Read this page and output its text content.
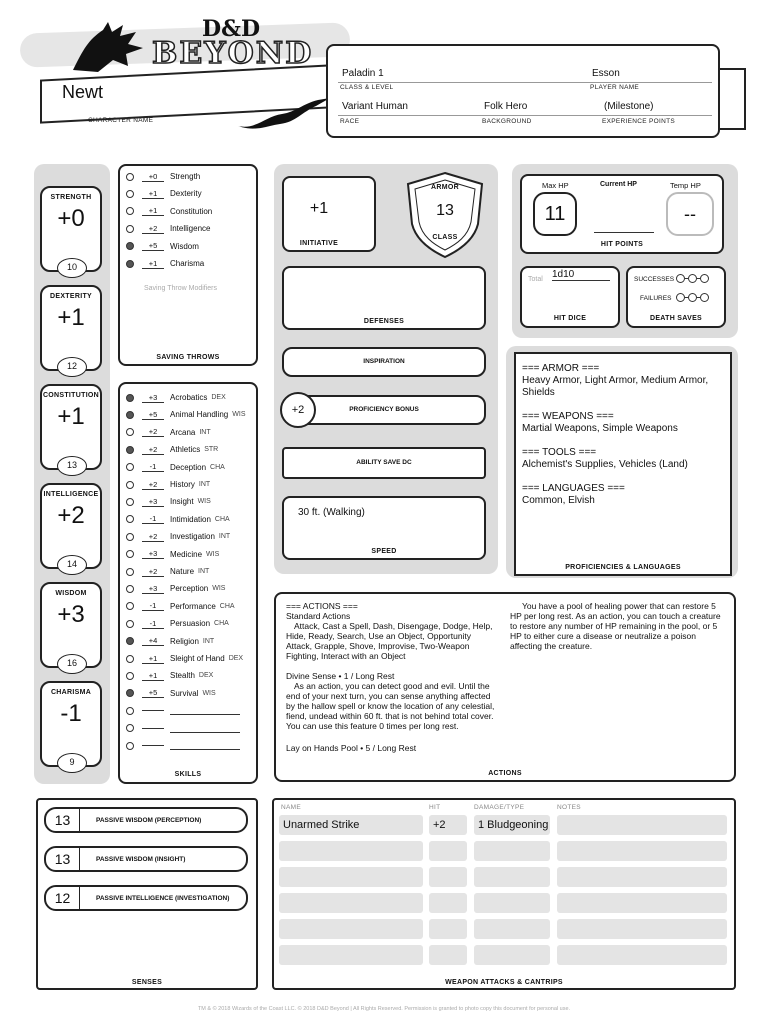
D&D
BEYOND
Newt
CHARACTER NAME
Paladin 1
CLASS & LEVEL
Esson
PLAYER NAME
Variant Human
RACE
Folk Hero
BACKGROUND
(Milestone)
EXPERIENCE POINTS
STRENGTH
+0
10
DEXTERITY
+1
12
CONSTITUTION
+1
13
INTELLIGENCE
+2
14
WISDOM
+3
16
CHARISMA
-1
9
+0	Strength
+1	Dexterity
+1	Constitution
+2	Intelligence
+5	Wisdom
+1	Charisma
Saving Throw Modifiers
SAVING THROWS
+3	Acrobatics DEX
+5	Animal Handling WIS
+2	Arcana INT
+2	Athletics STR
-1	Deception CHA
+2	History INT
+3	Insight WIS
-1	Intimidation CHA
+2	Investigation INT
+3	Medicine WIS
+2	Nature INT
+3	Perception WIS
-1	Performance CHA
-1	Persuasion CHA
+4	Religion INT
+1	Sleight of Hand DEX
+1	Stealth DEX
+5	Survival WIS
SKILLS
+1
INITIATIVE
ARMOR
13
CLASS
DEFENSES
INSPIRATION
PROFICIENCY BONUS
+2
ABILITY SAVE DC
30 ft. (Walking)
SPEED
Max HP	Current HP	Temp HP
11	--
HIT POINTS
Total 1d10
HIT DICE
SUCCESSES
FAILURES
DEATH SAVES
=== ARMOR ===
Heavy Armor, Light Armor, Medium Armor, Shields
=== WEAPONS ===
Martial Weapons, Simple Weapons
=== TOOLS ===
Alchemist's Supplies, Vehicles (Land)
=== LANGUAGES ===
Common, Elvish
PROFICIENCIES & LANGUAGES
=== ACTIONS ===
Standard Actions
Attack, Cast a Spell, Dash, Disengage, Dodge, Help, Hide, Ready, Search, Use an Object, Opportunity Attack, Grapple, Shove, Improvise, Two-Weapon Fighting, Interact with an Object
Divine Sense • 1 / Long Rest
As an action, you can detect good and evil. Until the end of your next turn, you can sense anything affected by the hallow spell or know the location of any celestial, fiend, undead within 60 ft. that is not behind total cover. You can use this feature 0 times per long rest.
Lay on Hands Pool • 5 / Long Rest
You have a pool of healing power that can restore 5 HP per long rest. As an action, you can touch a creature to restore any number of HP remaining in the pool, or 5 HP to either cure a disease or neutralize a poison affecting the creature.
ACTIONS
13	PASSIVE WISDOM (PERCEPTION)
13	PASSIVE WISDOM (INSIGHT)
12	PASSIVE INTELLIGENCE (INVESTIGATION)
SENSES
NAME	HIT	DAMAGE/TYPE	NOTES
Unarmed Strike	+2	1 Bludgeoning
WEAPON ATTACKS & CANTRIPS
TM & © 2018 Wizards of the Coast LLC. © 2018 D&D Beyond | All Rights Reserved. Permission is granted to photo copy this document for personal use.
